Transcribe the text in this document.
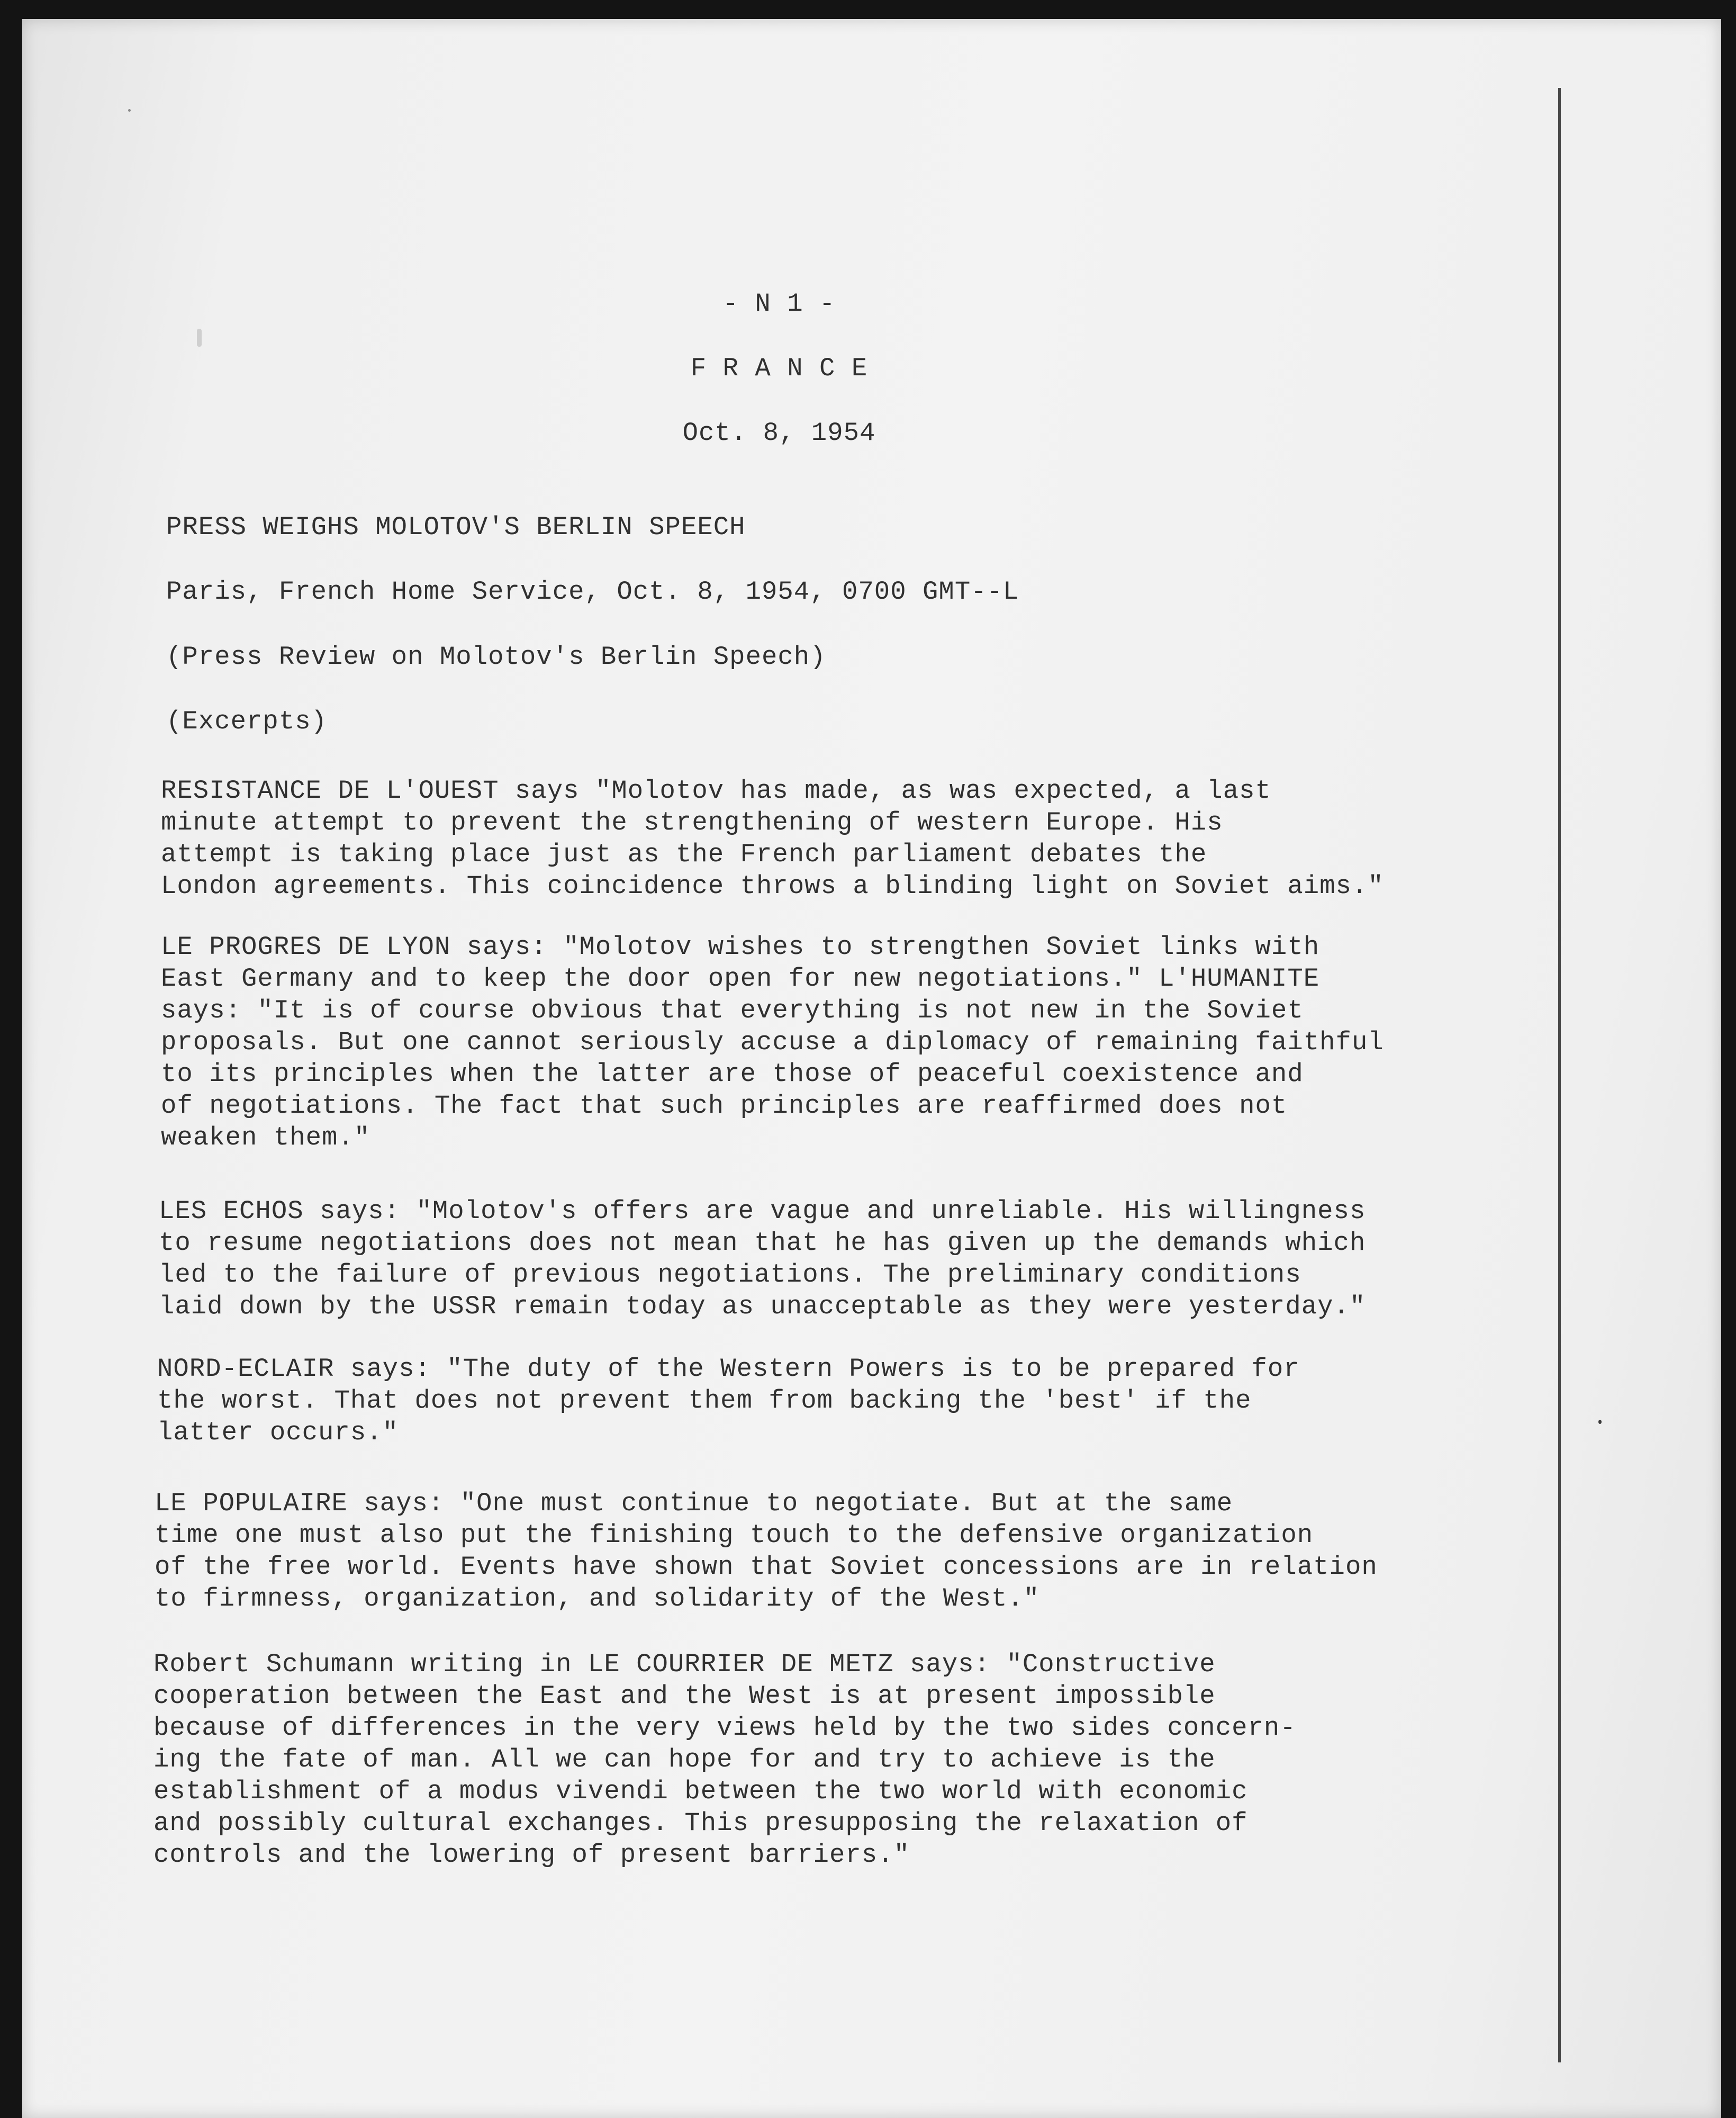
- N 1 -
F R A N C E
Oct. 8, 1954
PRESS WEIGHS MOLOTOV'S BERLIN SPEECH
Paris, French Home Service, Oct. 8, 1954, 0700 GMT--L
(Press Review on Molotov's Berlin Speech)
(Excerpts)
RESISTANCE DE L'OUEST says "Molotov has made, as was expected, a last
minute attempt to prevent the strengthening of western Europe. His
attempt is taking place just as the French parliament debates the
London agreements. This coincidence throws a blinding light on Soviet aims."
LE PROGRES DE LYON says: "Molotov wishes to strengthen Soviet links with
East Germany and to keep the door open for new negotiations." L'HUMANITE
says: "It is of course obvious that everything is not new in the Soviet
proposals. But one cannot seriously accuse a diplomacy of remaining faithful
to its principles when the latter are those of peaceful coexistence and
of negotiations. The fact that such principles are reaffirmed does not
weaken them."
LES ECHOS says: "Molotov's offers are vague and unreliable. His willingness
to resume negotiations does not mean that he has given up the demands which
led to the failure of previous negotiations. The preliminary conditions
laid down by the USSR remain today as unacceptable as they were yesterday."
NORD-ECLAIR says: "The duty of the Western Powers is to be prepared for
the worst. That does not prevent them from backing the 'best' if the
latter occurs."
LE POPULAIRE says: "One must continue to negotiate. But at the same
time one must also put the finishing touch to the defensive organization
of the free world. Events have shown that Soviet concessions are in relation
to firmness, organization, and solidarity of the West."
Robert Schumann writing in LE COURRIER DE METZ says: "Constructive
cooperation between the East and the West is at present impossible
because of differences in the very views held by the two sides concern-
ing the fate of man. All we can hope for and try to achieve is the
establishment of a modus vivendi between the two world with economic
and possibly cultural exchanges. This presupposing the relaxation of
controls and the lowering of present barriers."
